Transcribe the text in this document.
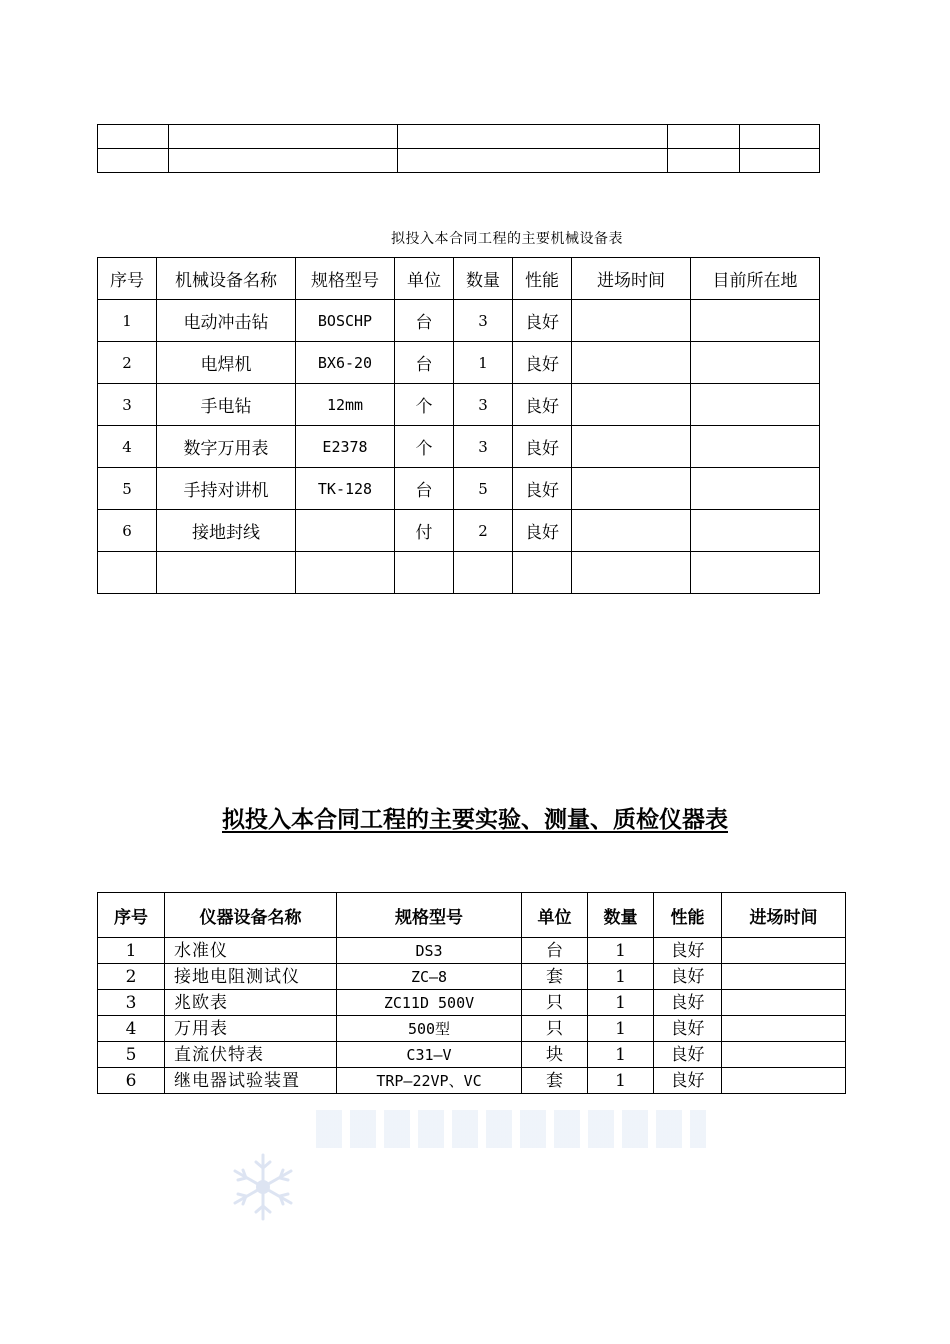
拟投入本合同工程的主要机械设备表
序号	机械设备名称	规格型号	单位	数量	性能	进场时间	目前所在地
1	电动冲击钻	BOSCHP	台	3	良好		
2	电焊机	BX6-20	台	1	良好		
3	手电钻	12mm	个	3	良好		
4	数字万用表	E2378	个	3	良好		
5	手持对讲机	TK-128	台	5	良好		
6	接地封线		付	2	良好		

拟投入本合同工程的主要实验、测量、质检仪器表
序号	仪器设备名称	规格型号	单位	数量	性能	进场时间
1	水准仪	DS3	台	1	良好	
2	接地电阻测试仪	ZC—8	套	1	良好	
3	兆欧表	ZC11D 500V	只	1	良好	
4	万用表	500型	只	1	良好	
5	直流伏特表	C31—V	块	1	良好	
6	继电器试验装置	TRP—22VP、VC	套	1	良好	
